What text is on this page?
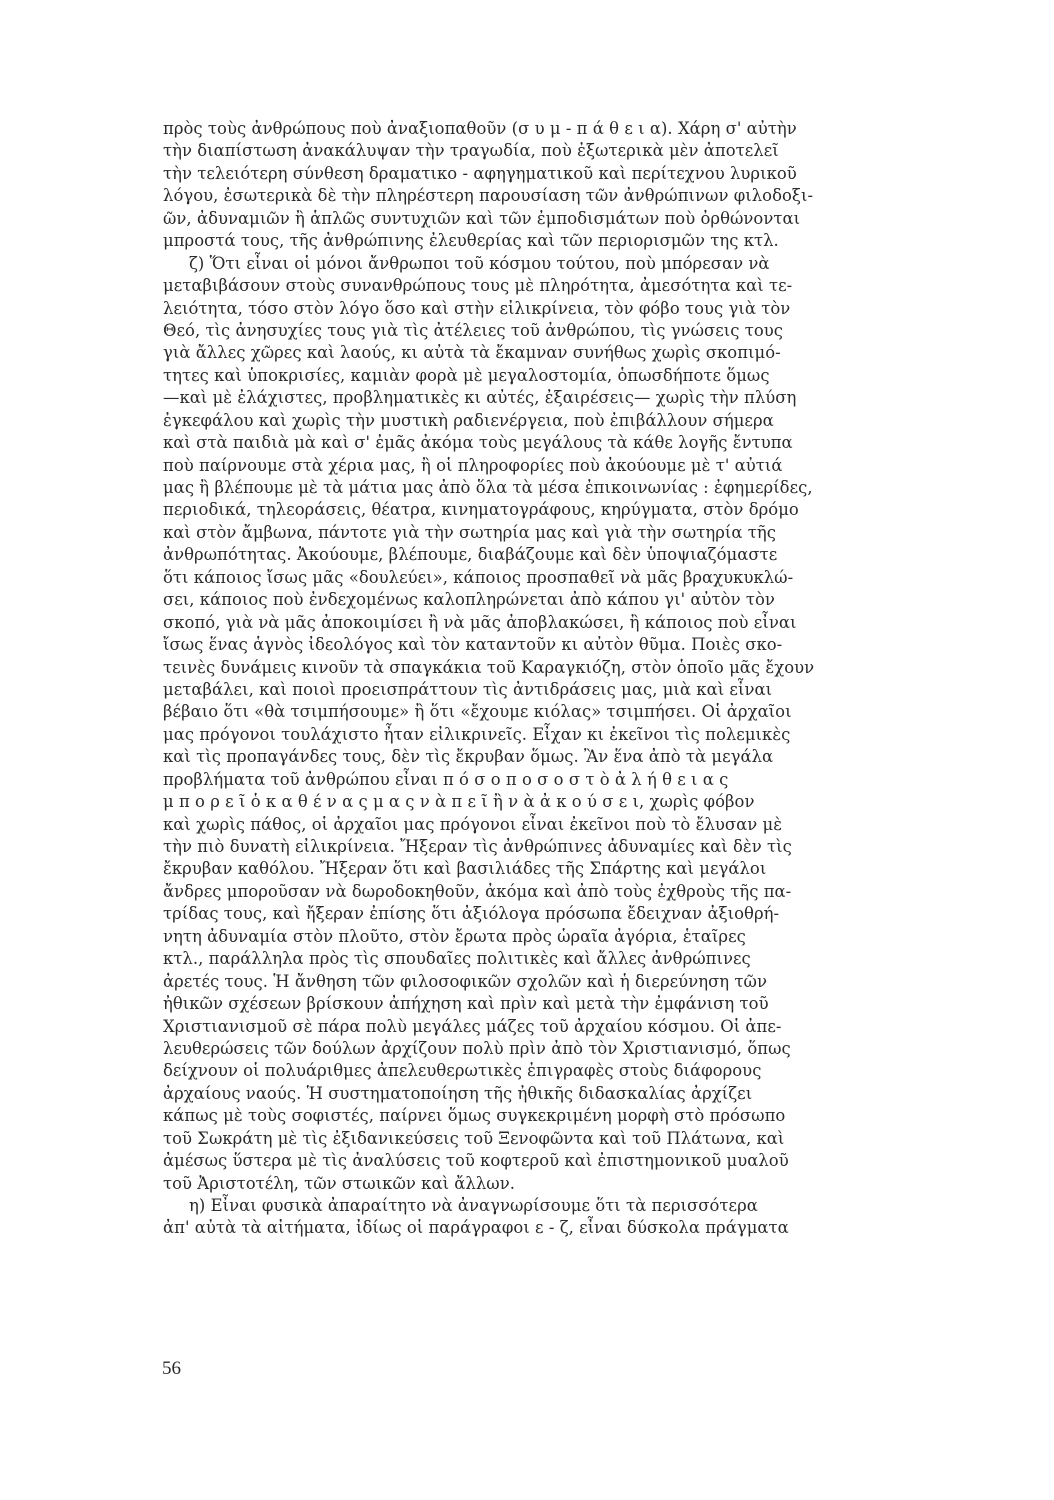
πρὸς τοὺς ἀνθρώπους ποὺ ἀναξιοπαθοῦν (σ υ μ - π ά θ ε ι α). Χάρη σ' αὐτὴν
τὴν διαπίστωση ἀνακάλυψαν τὴν τραγωδία, ποὺ ἐξωτερικὰ μὲν ἀποτελεῖ
τὴν τελειότερη σύνθεση δραματικο - αφηγηματικοῦ καὶ περίτεχνου λυρικοῦ
λόγου, ἐσωτερικὰ δὲ τὴν πληρέστερη παρουσίαση τῶν ἀνθρώπινων φιλοδοξι-
ῶν, ἀδυναμιῶν ἢ ἁπλῶς συντυχιῶν καὶ τῶν ἐμποδισμάτων ποὺ ὀρθώνονται
μπροστά τους, τῆς ἀνθρώπινης ἐλευθερίας καὶ τῶν περιορισμῶν της κτλ.
ζ) Ὅτι εἶναι οἱ μόνοι ἄνθρωποι τοῦ κόσμου τούτου, ποὺ μπόρεσαν νὰ
μεταβιβάσουν στοὺς συνανθρώπους τους μὲ πληρότητα, ἀμεσότητα καὶ τε-
λειότητα, τόσο στὸν λόγο ὅσο καὶ στὴν εἰλικρίνεια, τὸν φόβο τους γιὰ τὸν
Θεό, τὶς ἀνησυχίες τους γιὰ τὶς ἀτέλειες τοῦ ἀνθρώπου, τὶς γνώσεις τους
γιὰ ἄλλες χῶρες καὶ λαούς, κι αὐτὰ τὰ ἔκαμναν συνήθως χωρὶς σκοπιμό-
τητες καὶ ὑποκρισίες, καμιὰν φορὰ μὲ μεγαλοστομία, ὁπωσδήποτε ὅμως
—καὶ μὲ ἐλάχιστες, προβληματικὲς κι αὐτές, ἐξαιρέσεις— χωρὶς τὴν πλύση
ἐγκεφάλου καὶ χωρὶς τὴν μυστικὴ ραδιενέργεια, ποὺ ἐπιβάλλουν σήμερα
καὶ στὰ παιδιὰ μὰ καὶ σ' ἐμᾶς ἀκόμα τοὺς μεγάλους τὰ κάθε λογῆς ἔντυπα
ποὺ παίρνουμε στὰ χέρια μας, ἢ οἱ πληροφορίες ποὺ ἀκούουμε μὲ τ' αὐτιά
μας ἢ βλέπουμε μὲ τὰ μάτια μας ἀπὸ ὅλα τὰ μέσα ἐπικοινωνίας : ἐφημερίδες,
περιοδικά, τηλεοράσεις, θέατρα, κινηματογράφους, κηρύγματα, στὸν δρόμο
καὶ στὸν ἄμβωνα, πάντοτε γιὰ τὴν σωτηρία μας καὶ γιὰ τὴν σωτηρία τῆς
ἀνθρωπότητας. Ἀκούουμε, βλέπουμε, διαβάζουμε καὶ δὲν ὑποψιαζόμαστε
ὅτι κάποιος ἴσως μᾶς «δουλεύει», κάποιος προσπαθεῖ νὰ μᾶς βραχυκυκλώ-
σει, κάποιος ποὺ ἐνδεχομένως καλοπληρώνεται ἀπὸ κάπου γι' αὐτὸν τὸν
σκοπό, γιὰ νὰ μᾶς ἀποκοιμίσει ἢ νὰ μᾶς ἀποβλακώσει, ἢ κάποιος ποὺ εἶναι
ἴσως ἕνας ἁγνὸς ἰδεολόγος καὶ τὸν καταντοῦν κι αὐτὸν θῦμα. Ποιὲς σκο-
τεινὲς δυνάμεις κινοῦν τὰ σπαγκάκια τοῦ Καραγκιόζη, στὸν ὁποῖο μᾶς ἔχουν
μεταβάλει, καὶ ποιοὶ προεισπράττουν τὶς ἀντιδράσεις μας, μιὰ καὶ εἶναι
βέβαιο ὅτι «θὰ τσιμπήσουμε» ἢ ὅτι «ἔχουμε κιόλας» τσιμπήσει. Οἱ ἀρχαῖοι
μας πρόγονοι τουλάχιστο ἦταν εἰλικρινεῖς. Εἶχαν κι ἐκεῖνοι τὶς πολεμικὲς
καὶ τὶς προπαγάνδες τους, δὲν τὶς ἔκρυβαν ὅμως. Ἂν ἕνα ἀπὸ τὰ μεγάλα
προβλήματα τοῦ ἀνθρώπου εἶναι π ό σ ο π ο σ ο σ τ ὸ ἀ λ ή θ ε ι α ς
μ π ο ρ ε ῖ ὁ κ α θ έ ν α ς μ α ς ν ὰ π ε ῖ ἢ ν ὰ ἀ κ ο ύ σ ε ι, χωρὶς φόβον
καὶ χωρὶς πάθος, οἱ ἀρχαῖοι μας πρόγονοι εἶναι ἐκεῖνοι ποὺ τὸ ἔλυσαν μὲ
τὴν πιὸ δυνατὴ εἰλικρίνεια. Ἤξεραν τὶς ἀνθρώπινες ἀδυναμίες καὶ δὲν τὶς
ἔκρυβαν καθόλου. Ἤξεραν ὅτι καὶ βασιλιάδες τῆς Σπάρτης καὶ μεγάλοι
ἄνδρες μποροῦσαν νὰ δωροδοκηθοῦν, ἀκόμα καὶ ἀπὸ τοὺς ἐχθροὺς τῆς πα-
τρίδας τους, καὶ ἤξεραν ἐπίσης ὅτι ἀξιόλογα πρόσωπα ἔδειχναν ἀξιοθρή-
νητη ἀδυναμία στὸν πλοῦτο, στὸν ἔρωτα πρὸς ὡραῖα ἀγόρια, ἑταῖρες
κτλ., παράλληλα πρὸς τὶς σπουδαῖες πολιτικὲς καὶ ἄλλες ἀνθρώπινες
ἀρετές τους. Ἡ ἄνθηση τῶν φιλοσοφικῶν σχολῶν καὶ ἡ διερεύνηση τῶν
ἠθικῶν σχέσεων βρίσκουν ἀπήχηση καὶ πρὶν καὶ μετὰ τὴν ἐμφάνιση τοῦ
Χριστιανισμοῦ σὲ πάρα πολὺ μεγάλες μάζες τοῦ ἀρχαίου κόσμου. Οἱ ἀπε-
λευθερώσεις τῶν δούλων ἀρχίζουν πολὺ πρὶν ἀπὸ τὸν Χριστιανισμό, ὅπως
δείχνουν οἱ πολυάριθμες ἀπελευθερωτικὲς ἐπιγραφὲς στοὺς διάφορους
ἀρχαίους ναούς. Ἡ συστηματοποίηση τῆς ἠθικῆς διδασκαλίας ἀρχίζει
κάπως μὲ τοὺς σοφιστές, παίρνει ὅμως συγκεκριμένη μορφὴ στὸ πρόσωπο
τοῦ Σωκράτη μὲ τὶς ἐξιδανικεύσεις τοῦ Ξενοφῶντα καὶ τοῦ Πλάτωνα, καὶ
ἀμέσως ὕστερα μὲ τὶς ἀναλύσεις τοῦ κοφτεροῦ καὶ ἐπιστημονικοῦ μυαλοῦ
τοῦ Ἀριστοτέλη, τῶν στωικῶν καὶ ἄλλων.
η) Εἶναι φυσικὰ ἀπαραίτητο νὰ ἀναγνωρίσουμε ὅτι τὰ περισσότερα
ἀπ' αὐτὰ τὰ αἰτήματα, ἰδίως οἱ παράγραφοι ε - ζ, εἶναι δύσκολα πράγματα
56
